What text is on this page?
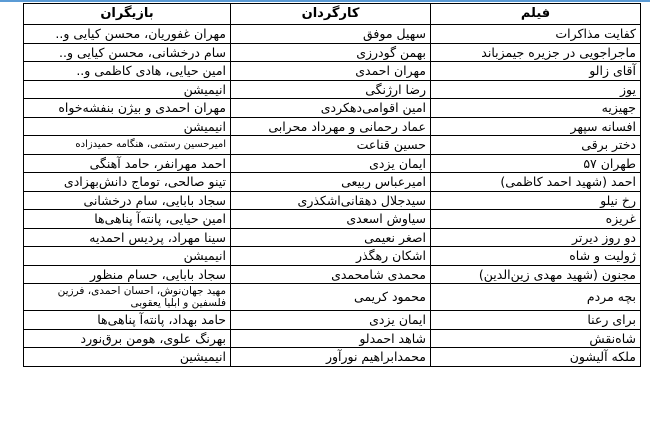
فیلم	کارگردان	بازیگران
کفایت مذاکرات	سهیل موفق	مهران غفوریان، محسن کیایی و..
ماجراجویی در جزیره جیمزباند	بهمن گودرزی	سام درخشانی، محسن کیایی و..
آقای زالو	مهران احمدی	امین حیایی، هادی کاظمی و..
یوز	رضا ارژنگی	انیمیشن
جهیزیه	امین اقوامی‌دهکردی	مهران احمدی و بیژن بنفشه‌خواه
افسانه سپهر	عماد رحمانی و مهرداد محرابی	انیمیشن
دختر برقی	حسین قناعت	امیرحسین رستمی، هنگامه حمیدزاده
طهران ۵۷	ایمان یزدی	احمد مهرانفر، حامد آهنگی
احمد (شهید احمد کاظمی)	امیرعباس ربیعی	تینو صالحی، توماج دانش‌بهزادی
رخ نیلو	سیدجلال دهقانی‌اشکذری	سجاد بابایی، سام درخشانی
غریزه	سیاوش اسعدی	امین حیایی، پانته‌آ پناهی‌ها
دو روز دیرتر	اصغر نعیمی	سینا مهراد، پردیس احمدیه
ژولیت و شاه	اشکان رهگذر	انیمیشن
مجنون (شهید مهدی زین‌الدین)	محمدی شامحمدی	سجاد بابایی، حسام منظور
بچه مردم	محمود کریمی	مهید جهان‌نوش، احسان احمدی، فرزین فلسفین و ابلیا یعقوبی
برای رعنا	ایمان یزدی	حامد بهداد، پانته‌آ پناهی‌ها
شاه‌نقش	شاهد احمدلو	بهرنگ علوی، هومن برق‌نورد
ملکه آلیشون	محمدابراهیم نورآور	انیمیشین
